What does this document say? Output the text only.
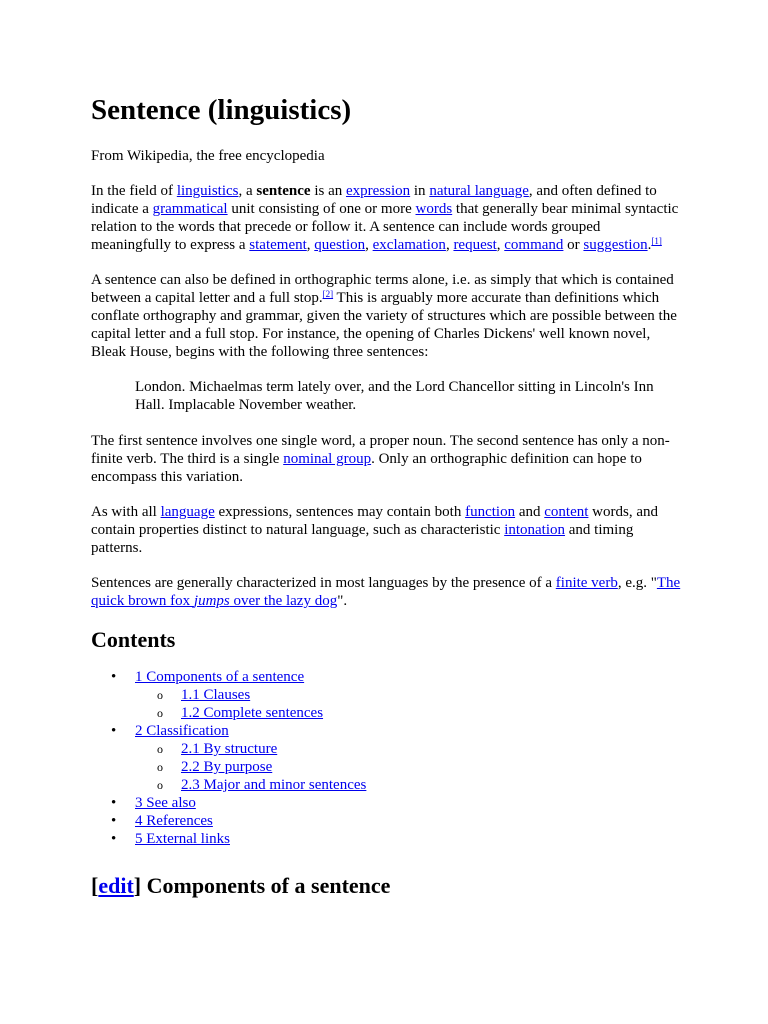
Sentence (linguistics)

From Wikipedia, the free encyclopedia

In the field of linguistics, a sentence is an expression in natural language, and often defined to indicate a grammatical unit consisting of one or more words that generally bear minimal syntactic relation to the words that precede or follow it. A sentence can include words grouped meaningfully to express a statement, question, exclamation, request, command or suggestion.[1]

A sentence can also be defined in orthographic terms alone, i.e. as simply that which is contained between a capital letter and a full stop.[2] This is arguably more accurate than definitions which conflate orthography and grammar, given the variety of structures which are possible between the capital letter and a full stop. For instance, the opening of Charles Dickens' well known novel, Bleak House, begins with the following three sentences:

London. Michaelmas term lately over, and the Lord Chancellor sitting in Lincoln's Inn Hall. Implacable November weather.

The first sentence involves one single word, a proper noun. The second sentence has only a non-finite verb. The third is a single nominal group. Only an orthographic definition can hope to encompass this variation.

As with all language expressions, sentences may contain both function and content words, and contain properties distinct to natural language, such as characteristic intonation and timing patterns.

Sentences are generally characterized in most languages by the presence of a finite verb, e.g. "The quick brown fox jumps over the lazy dog".

Contents
• 1 Components of a sentence
o 1.1 Clauses
o 1.2 Complete sentences
• 2 Classification
o 2.1 By structure
o 2.2 By purpose
o 2.3 Major and minor sentences
• 3 See also
• 4 References
• 5 External links
[edit] Components of a sentence
